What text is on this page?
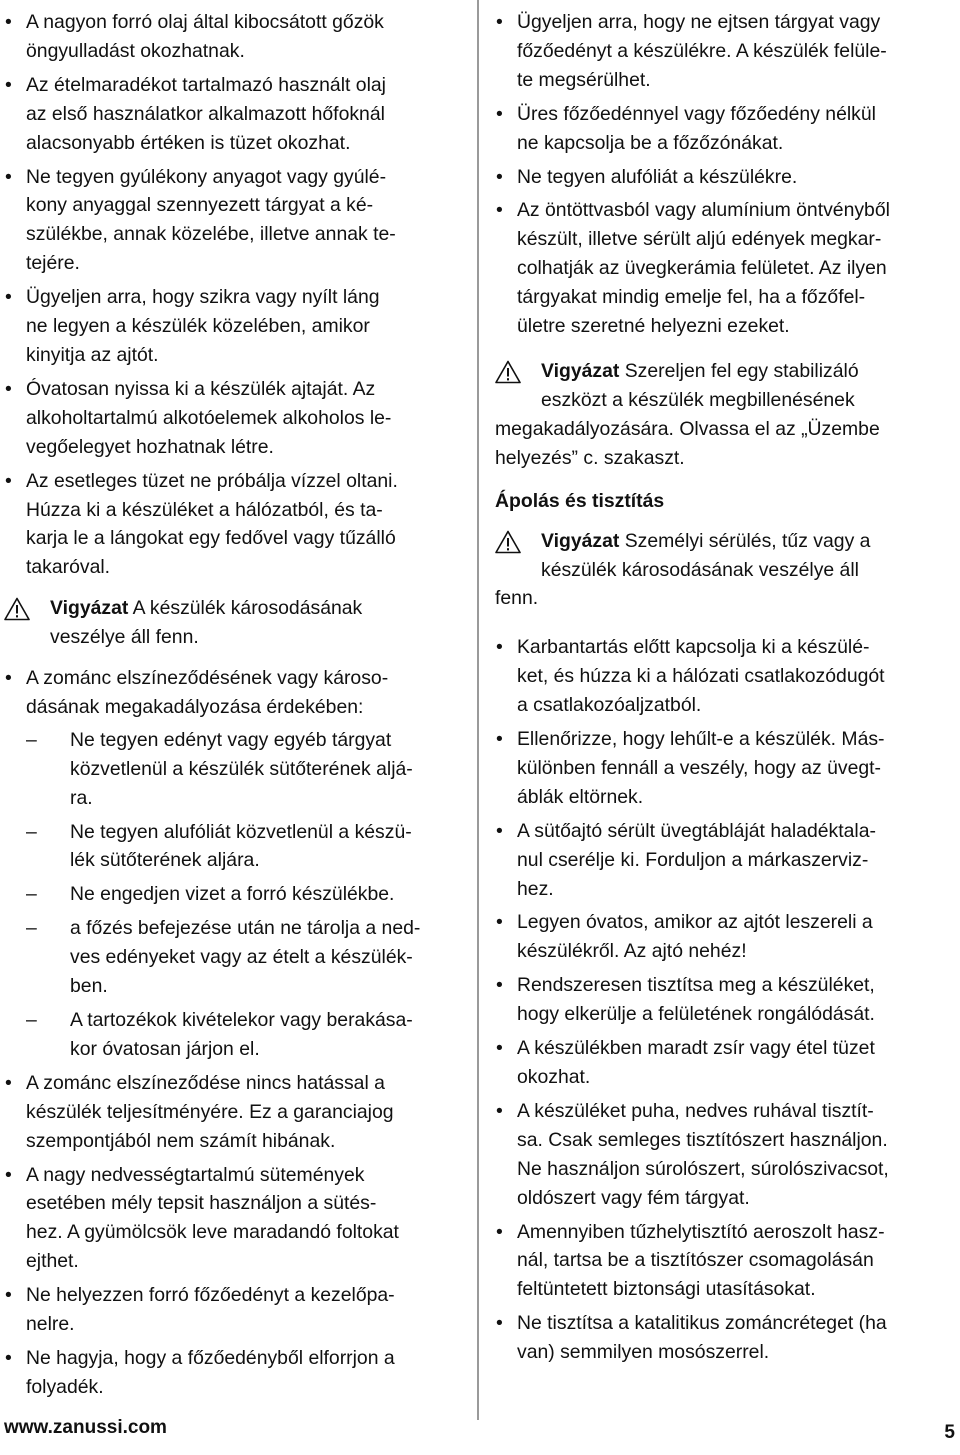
• A nagyon forró olaj által kibocsátott gőzök
öngyulladást okozhatnak.
• Az ételmaradékot tartalmazó használt olaj
az első használatkor alkalmazott hőfoknál
alacsonyabb értéken is tüzet okozhat.
• Ne tegyen gyúlékony anyagot vagy gyúlé-
kony anyaggal szennyezett tárgyat a ké-
szülékbe, annak közelébe, illetve annak te-
tejére.
• Ügyeljen arra, hogy szikra vagy nyílt láng
ne legyen a készülék közelében, amikor
kinyitja az ajtót.
• Óvatosan nyissa ki a készülék ajtaját. Az
alkoholtartalmú alkotóelemek alkoholos le-
vegőelegyet hozhatnak létre.
• Az esetleges tüzet ne próbálja vízzel oltani.
Húzza ki a készüléket a hálózatból, és ta-
karja le a lángokat egy fedővel vagy tűzálló
takaróval.
Vigyázat A készülék károsodásának
veszélye áll fenn.
• A zománc elszíneződésének vagy károso-
dásának megakadályozása érdekében:
– Ne tegyen edényt vagy egyéb tárgyat
közvetlenül a készülék sütőterének aljá-
ra.
– Ne tegyen alufóliát közvetlenül a készü-
lék sütőterének aljára.
– Ne engedjen vizet a forró készülékbe.
– a főzés befejezése után ne tárolja a ned-
ves edényeket vagy az ételt a készülék-
ben.
– A tartozékok kivételekor vagy berakása-
kor óvatosan járjon el.
• A zománc elszíneződése nincs hatással a
készülék teljesítményére. Ez a garanciajog
szempontjából nem számít hibának.
• A nagy nedvességtartalmú sütemények
esetében mély tepsit használjon a sütés-
hez. A gyümölcsök leve maradandó foltokat
ejthet.
• Ne helyezzen forró főzőedényt a kezelőpa-
nelre.
• Ne hagyja, hogy a főzőedényből elforrjon a
folyadék.
• Ügyeljen arra, hogy ne ejtsen tárgyat vagy
főzőedényt a készülékre. A készülék felüle-
te megsérülhet.
• Üres főzőedénnyel vagy főzőedény nélkül
ne kapcsolja be a főzőzónákat.
• Ne tegyen alufóliát a készülékre.
• Az öntöttvasból vagy alumínium öntvényből
készült, illetve sérült aljú edények megkar-
colhatják az üvegkerámia felületet. Az ilyen
tárgyakat mindig emelje fel, ha a főzőfel-
ületre szeretné helyezni ezeket.
Vigyázat Szereljen fel egy stabilizáló
eszközt a készülék megbillenésének
megakadályozására. Olvassa el az „Üzembe
helyezés” c. szakaszt.
Ápolás és tisztítás
Vigyázat Személyi sérülés, tűz vagy a
készülék károsodásának veszélye áll
fenn.
• Karbantartás előtt kapcsolja ki a készülé-
ket, és húzza ki a hálózati csatlakozódugót
a csatlakozóaljzatból.
• Ellenőrizze, hogy lehűlt-e a készülék. Más-
különben fennáll a veszély, hogy az üvegt-
áblák eltörnek.
• A sütőajtó sérült üvegtábláját haladéktala-
nul cserélje ki. Forduljon a márkaszerviz-
hez.
• Legyen óvatos, amikor az ajtót leszereli a
készülékről. Az ajtó nehéz!
• Rendszeresen tisztítsa meg a készüléket,
hogy elkerülje a felületének rongálódását.
• A készülékben maradt zsír vagy étel tüzet
okozhat.
• A készüléket puha, nedves ruhával tisztít-
sa. Csak semleges tisztítószert használjon.
Ne használjon súrolószert, súrolószivacsot,
oldószert vagy fém tárgyat.
• Amennyiben tűzhelytisztító aeroszolt hasz-
nál, tartsa be a tisztítószer csomagolásán
feltüntetett biztonsági utasításokat.
• Ne tisztítsa a katalitikus zománcréteget (ha
van) semmilyen mosószerrel.
www.zanussi.com	5
